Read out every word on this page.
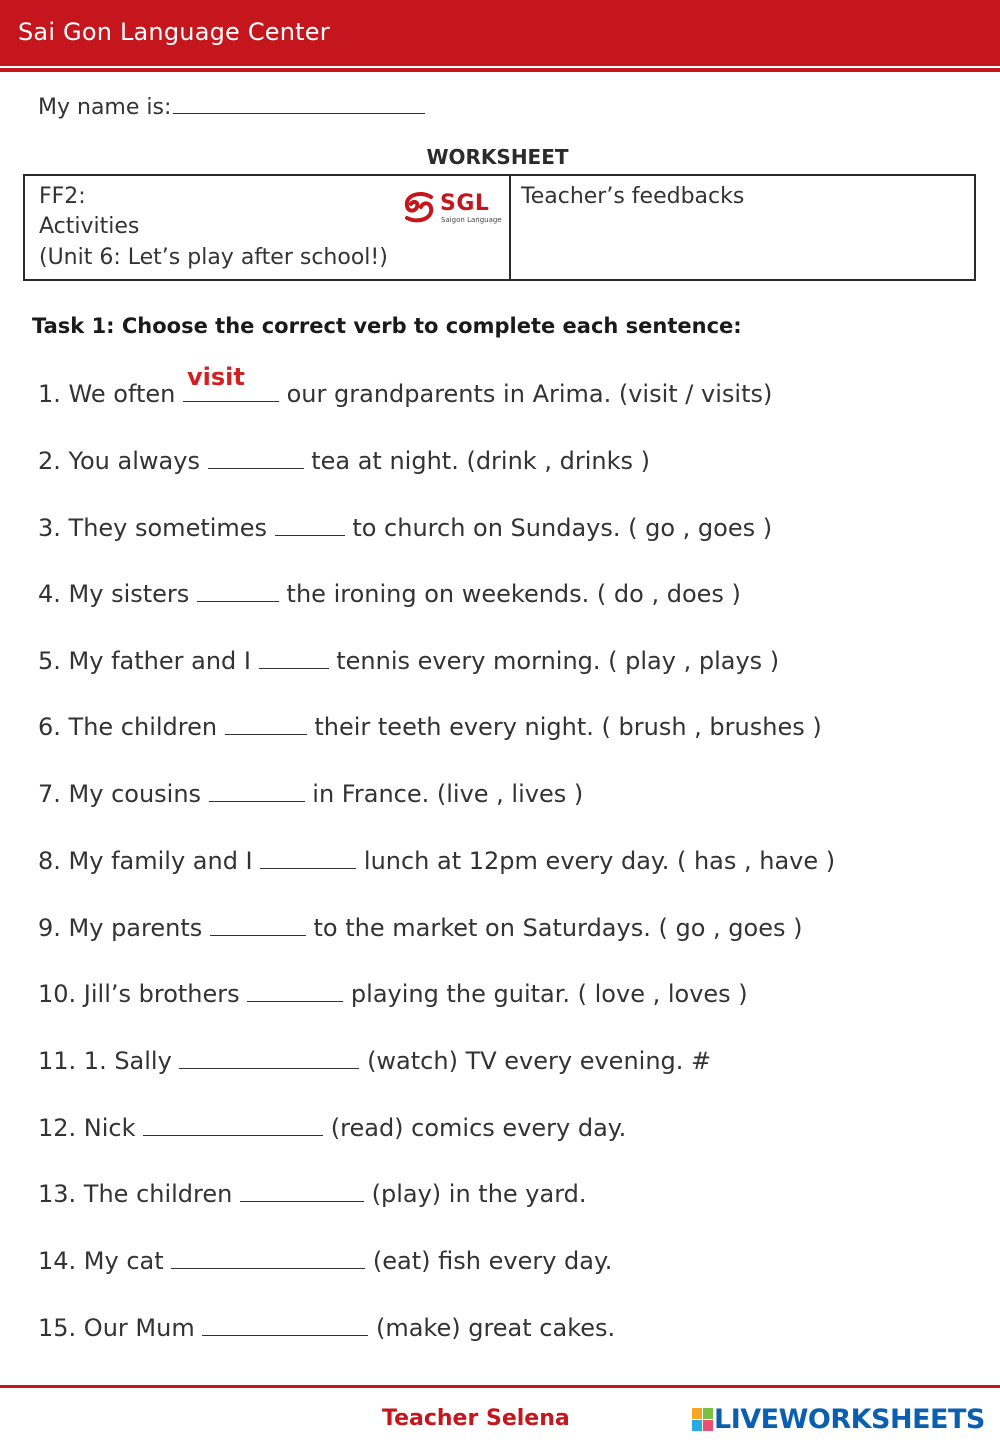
Sai Gon Language Center
My name is:
WORKSHEET
FF2:
Activities
(Unit 6: Let’s play after school!)
SGL
Saigon Language
Teacher’s feedbacks
Task 1: Choose the correct verb to complete each sentence:
1. We often
visit
our grandparents in Arima. (visit / visits)
2. You always	tea at night. (drink , drinks )
3. They sometimes	to church on Sundays. ( go , goes )
4. My sisters	the ironing on weekends. ( do , does )
5. My father and I	tennis every morning. ( play , plays )
6. The children	their teeth every night. ( brush , brushes )
7. My cousins	in France. (live , lives )
8. My family and I	lunch at 12pm every day. ( has , have )
9. My parents	to the market on Saturdays. ( go , goes )
10. Jill’s brothers	playing the guitar. ( love , loves )
11. 1. Sally	(watch) TV every evening. #
12. Nick	(read) comics every day.
13. The children	(play) in the yard.
14. My cat	(eat) fish every day.
15. Our Mum	(make) great cakes.
Teacher Selena	LIVEWORKSHEETS
